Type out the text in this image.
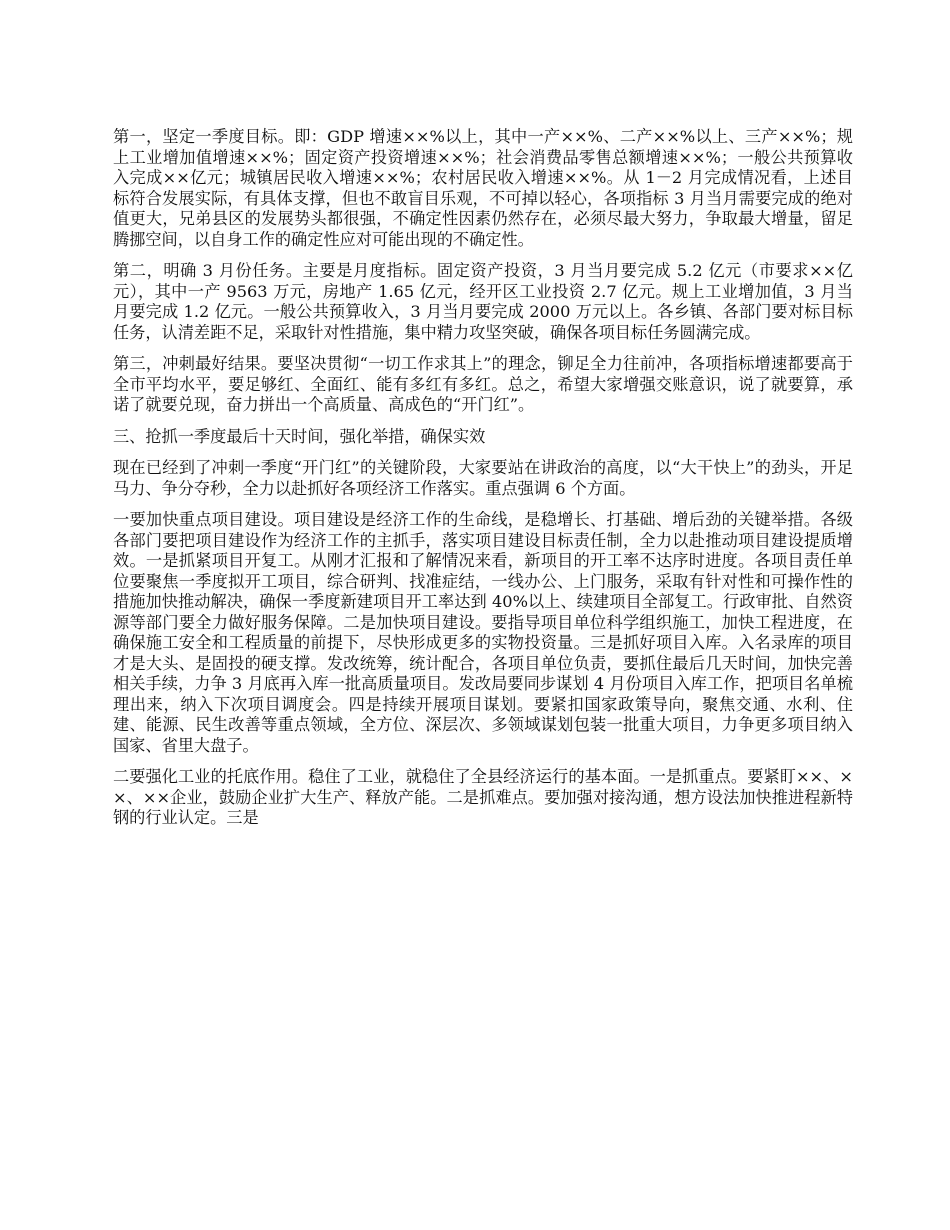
第一，坚定一季度目标。即：GDP 增速××%以上，其中一产××%、二产××%以上、三产××%；规上工业增加值增速××%；固定资产投资增速××%；社会消费品零售总额增速××%；一般公共预算收入完成××亿元；城镇居民收入增速××%；农村居民收入增速××%。从 1－2 月完成情况看，上述目标符合发展实际，有具体支撑，但也不敢盲目乐观，不可掉以轻心，各项指标 3 月当月需要完成的绝对值更大，兄弟县区的发展势头都很强，不确定性因素仍然存在，必须尽最大努力，争取最大增量，留足腾挪空间，以自身工作的确定性应对可能出现的不确定性。

第二，明确 3 月份任务。主要是月度指标。固定资产投资，3 月当月要完成 5.2 亿元（市要求××亿元），其中一产 9563 万元，房地产 1.65 亿元，经开区工业投资 2.7 亿元。规上工业增加值，3 月当月要完成 1.2 亿元。一般公共预算收入，3 月当月要完成 2000 万元以上。各乡镇、各部门要对标目标任务，认清差距不足，采取针对性措施，集中精力攻坚突破，确保各项目标任务圆满完成。

第三，冲刺最好结果。要坚决贯彻“一切工作求其上”的理念，铆足全力往前冲，各项指标增速都要高于全市平均水平，要足够红、全面红、能有多红有多红。总之，希望大家增强交账意识，说了就要算，承诺了就要兑现，奋力拼出一个高质量、高成色的“开门红”。

三、抢抓一季度最后十天时间，强化举措，确保实效

现在已经到了冲刺一季度“开门红”的关键阶段，大家要站在讲政治的高度，以“大干快上”的劲头，开足马力、争分夺秒，全力以赴抓好各项经济工作落实。重点强调 6 个方面。

一要加快重点项目建设。项目建设是经济工作的生命线，是稳增长、打基础、增后劲的关键举措。各级各部门要把项目建设作为经济工作的主抓手，落实项目建设目标责任制，全力以赴推动项目建设提质增效。一是抓紧项目开复工。从刚才汇报和了解情况来看，新项目的开工率不达序时进度。各项目责任单位要聚焦一季度拟开工项目，综合研判、找准症结，一线办公、上门服务，采取有针对性和可操作性的措施加快推动解决，确保一季度新建项目开工率达到 40%以上、续建项目全部复工。行政审批、自然资源等部门要全力做好服务保障。二是加快项目建设。要指导项目单位科学组织施工，加快工程进度，在确保施工安全和工程质量的前提下，尽快形成更多的实物投资量。三是抓好项目入库。入名录库的项目才是大头、是固投的硬支撑。发改统筹，统计配合，各项目单位负责，要抓住最后几天时间，加快完善相关手续，力争 3 月底再入库一批高质量项目。发改局要同步谋划 4 月份项目入库工作，把项目名单梳理出来，纳入下次项目调度会。四是持续开展项目谋划。要紧扣国家政策导向，聚焦交通、水利、住建、能源、民生改善等重点领域，全方位、深层次、多领域谋划包装一批重大项目，力争更多项目纳入国家、省里大盘子。

二要强化工业的托底作用。稳住了工业，就稳住了全县经济运行的基本面。一是抓重点。要紧盯××、××、××企业，鼓励企业扩大生产、释放产能。二是抓难点。要加强对接沟通，想方设法加快推进程新特钢的行业认定。三是
